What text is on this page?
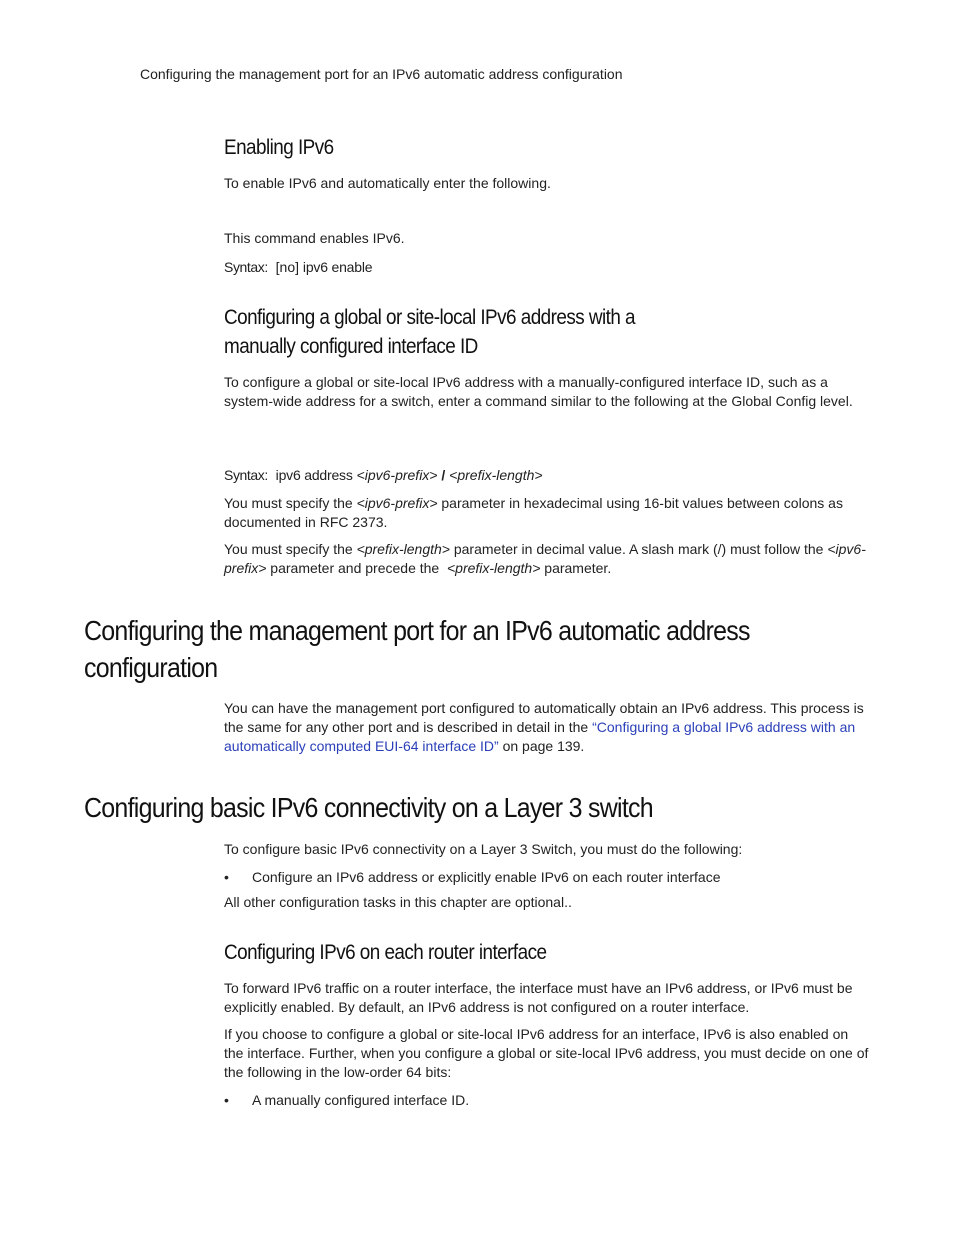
Configuring the management port for an IPv6 automatic address configuration
Enabling IPv6
To enable IPv6 and automatically enter the following.
This command enables IPv6.
Syntax: [no] ipv6 enable
Configuring a global or site-local IPv6 address with a
manually configured interface ID
To configure a global or site-local IPv6 address with a manually-configured interface ID, such as a system-wide address for a switch, enter a command similar to the following at the Global Config level.
Syntax: ipv6 address <ipv6-prefix> / <prefix-length>
You must specify the <ipv6-prefix> parameter in hexadecimal using 16-bit values between colons as documented in RFC 2373.
You must specify the <prefix-length> parameter in decimal value. A slash mark (/) must follow the <ipv6-prefix> parameter and precede the  <prefix-length> parameter.
Configuring the management port for an IPv6 automatic address
configuration
You can have the management port configured to automatically obtain an IPv6 address. This process is the same for any other port and is described in detail in the “Configuring a global IPv6 address with an automatically computed EUI-64 interface ID” on page 139.
Configuring basic IPv6 connectivity on a Layer 3 switch
To configure basic IPv6 connectivity on a Layer 3 Switch, you must do the following:
• Configure an IPv6 address or explicitly enable IPv6 on each router interface
All other configuration tasks in this chapter are optional..
Configuring IPv6 on each router interface
To forward IPv6 traffic on a router interface, the interface must have an IPv6 address, or IPv6 must be explicitly enabled. By default, an IPv6 address is not configured on a router interface.
If you choose to configure a global or site-local IPv6 address for an interface, IPv6 is also enabled on the interface. Further, when you configure a global or site-local IPv6 address, you must decide on one of the following in the low-order 64 bits:
• A manually configured interface ID.
